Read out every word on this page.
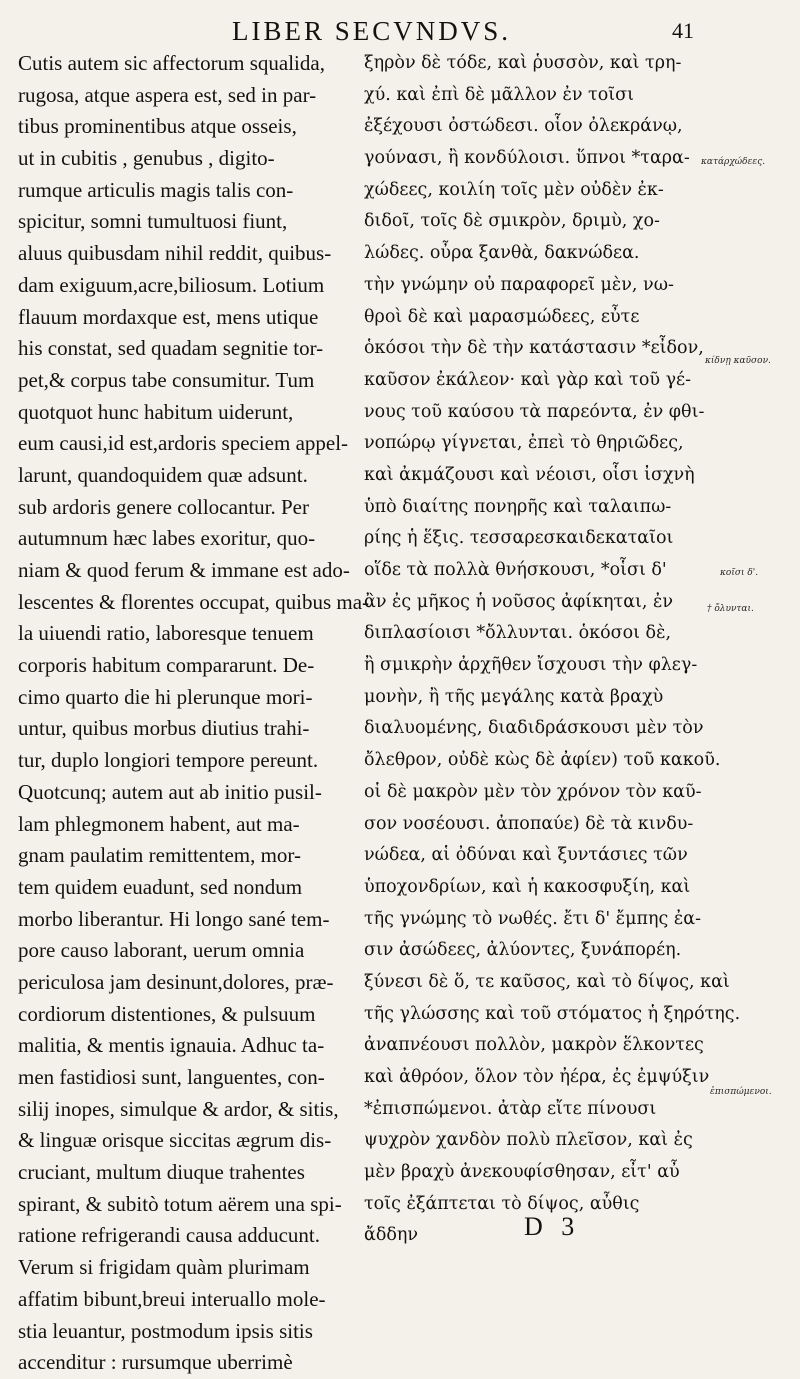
LIBER SECVNDVS.	41
Cutis autem sic affectorum squalida,
rugosa, atque aspera est, sed in par-
tibus prominentibus atque osseis,
ut in cubitis , genubus , digito-
rumque articulis magis talis con-
spicitur, somni tumultuosi fiunt,
aluus quibusdam nihil reddit, quibus-
dam exiguum,acre,biliosum. Lotium
flauum mordaxque est, mens utique
his constat, sed quadam segnitie tor-
pet,& corpus tabe consumitur. Tum
quotquot hunc habitum uiderunt,
eum causi,id est,ardoris speciem appel-
larunt, quandoquidem quæ adsunt.
sub ardoris genere collocantur. Per
autumnum hæc labes exoritur, quo-
niam & quod ferum & immane est ado-
lescentes & florentes occupat, quibus ma-
la uiuendi ratio, laboresque tenuem
corporis habitum compararunt. De-
cimo quarto die hi plerunque mori-
untur, quibus morbus diutius trahi-
tur, duplo longiori tempore pereunt.
Quotcunq; autem aut ab initio pusil-
lam phlegmonem habent, aut ma-
gnam paulatim remittentem, mor-
tem quidem euadunt, sed nondum
morbo liberantur. Hi longo sané tem-
pore causo laborant, uerum omnia
periculosa jam desinunt,dolores, præ-
cordiorum distentiones, & pulsuum
malitia, & mentis ignauia. Adhuc ta-
men fastidiosi sunt, languentes, con-
silij inopes, simulque & ardor, & sitis,
& linguæ orisque siccitas ægrum dis-
cruciant, multum diuque trahentes
spirant, & subitò totum aërem una spi-
ratione refrigerandi causa adducunt.
Verum si frigidam quàm plurimam
affatim bibunt,breui interuallo mole-
stia leuantur, postmodum ipsis sitis
accenditur : rursumque uberrimè
ξηρὸν δὲ τόδε, καὶ ῥυσσὸν, καὶ τρη-
χύ. καὶ ἐπὶ δὲ μᾶλλον ἐν τοῖσι
ἐξέχουσι ὀστώδεσι. οἷον ὀλεκράνῳ,
γούνασι, ἢ κονδύλοισι. ὕπνοι *ταρα-
χώδεες, κοιλίη τοῖς μὲν οὐδὲν ἐκ-
διδοῖ, τοῖς δὲ σμικρὸν, δριμὺ, χο-
λώδες. οὖρα ξανθὰ, δακνώδεα.
τὴν γνώμην οὐ παραφορεῖ μὲν, νω-
θροὶ δὲ καὶ μαρασμώδεες, εὖτε
ὁκόσοι τὴν δὲ τὴν κατάστασιν *εἶδον,
καῦσον ἐκάλεον· καὶ γὰρ καὶ τοῦ γέ-
νους τοῦ καύσου τὰ παρεόντα, ἐν φθι-
νοπώρῳ γίγνεται, ἐπεὶ τὸ θηριῶδες,
καὶ ἀκμάζουσι καὶ νέοισι, οἷσι ἰσχνὴ
ὑπὸ διαίτης πονηρῆς καὶ ταλαιπω-
ρίης ἡ ἕξις. τεσσαρεσκαιδεκαταῖοι
οἵδε τὰ πολλὰ θνήσκουσι, *οἷσι δ'
ἂν ἐς μῆκος ἡ νοῦσος ἀφίκηται, ἐν
διπλασίοισι *ὄλλυνται. ὁκόσοι δὲ,
ἢ σμικρὴν ἀρχῆθεν ἴσχουσι τὴν φλεγ-
μονὴν, ἢ τῆς μεγάλης κατὰ βραχὺ
διαλυομένης, διαδιδράσκουσι μὲν τὸν
ὄλεθρον, οὐδὲ κὼς δὲ ἀφίεν) τοῦ κακοῦ.
οἱ δὲ μακρὸν μὲν τὸν χρόνον τὸν καῦ-
σον νοσέουσι. ἀποπαύε) δὲ τὰ κινδυ-
νώδεα, αἱ ὀδύναι καὶ ξυντάσιες τῶν
ὑποχονδρίων, καὶ ἡ κακοσφυξίη, καὶ
τῆς γνώμης τὸ νωθές. ἔτι δ' ἔμπης ἐα-
σιν ἀσώδεες, ἀλύοντες, ξυνάπορέη.
ξύνεσι δὲ ὅ, τε καῦσος, καὶ τὸ δίψος, καὶ
τῆς γλώσσης καὶ τοῦ στόματος ἡ ξηρότης.
ἀναπνέουσι πολλὸν, μακρὸν ἕλκοντες
καὶ ἀθρόον, ὅλον τὸν ἠέρα, ἐς ἐμψύξιν
*ἐπισπώμενοι. ἀτὰρ εἴτε πίνουσι
ψυχρὸν χανδὸν πολὺ πλεῖσον, καὶ ἐς
μὲν βραχὺ ἀνεκουφίσθησαν, εἶτ' αὖ
τοῖς ἐξάπτεται τὸ δίψος, αὖθις
ἄδδην
κατάρχώδεες.
κίδνῃ καῦσον.
κοῖσι δ'.
† ὄλυνται.
ἐπισπώμενοι.
D 3
